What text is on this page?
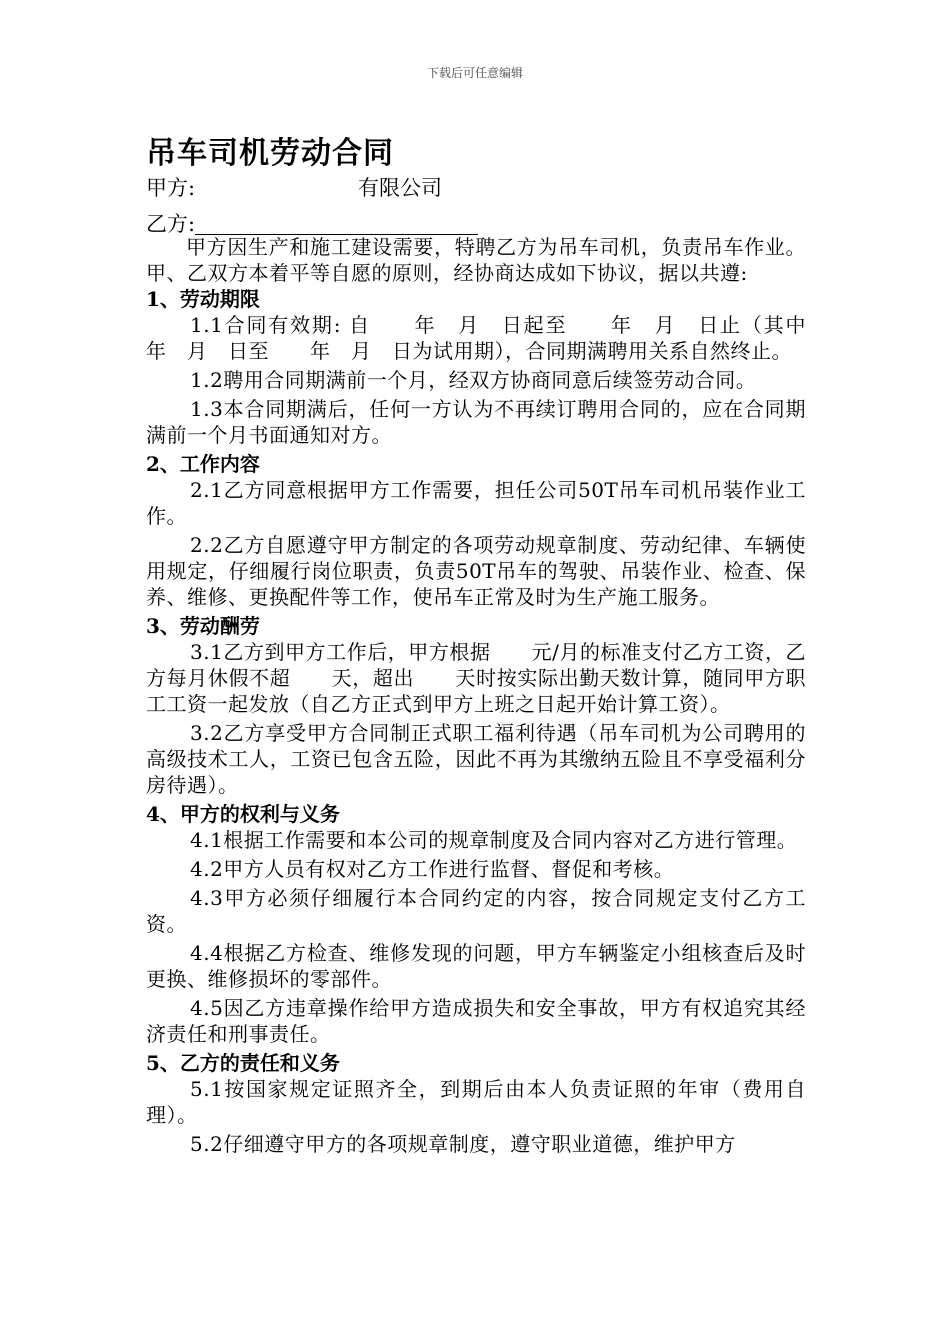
下载后可任意编辑
吊车司机劳动合同
甲方:	有限公司
乙方:

甲方因生产和施工建设需要，特聘乙方为吊车司机，负责吊车作业。甲、乙双方本着平等自愿的原则，经协商达成如下协议，据以共遵:

1、劳动期限

1.1合同有效期: 自　　年　月　日起至　　年　月　日止（其中　　年　月　日至　　年　月　日为试用期），合同期满聘用关系自然终止。

1.2聘用合同期满前一个月，经双方协商同意后续签劳动合同。

1.3本合同期满后，任何一方认为不再续订聘用合同的，应在合同期满前一个月书面通知对方。

2、工作内容

2.1乙方同意根据甲方工作需要，担任公司50T吊车司机吊装作业工作。

2.2乙方自愿遵守甲方制定的各项劳动规章制度、劳动纪律、车辆使用规定，仔细履行岗位职责，负责50T吊车的驾驶、吊装作业、检查、保养、维修、更换配件等工作，使吊车正常及时为生产施工服务。

3、劳动酬劳

3.1乙方到甲方工作后，甲方根据　　元/月的标准支付乙方工资，乙方每月休假不超　　天，超出　　天时按实际出勤天数计算，随同甲方职工工资一起发放（自乙方正式到甲方上班之日起开始计算工资）。

3.2乙方享受甲方合同制正式职工福利待遇（吊车司机为公司聘用的高级技术工人，工资已包含五险，因此不再为其缴纳五险且不享受福利分房待遇）。

4、甲方的权利与义务

4.1根据工作需要和本公司的规章制度及合同内容对乙方进行管理。

4.2甲方人员有权对乙方工作进行监督、督促和考核。

4.3甲方必须仔细履行本合同约定的内容，按合同规定支付乙方工资。

4.4根据乙方检查、维修发现的问题，甲方车辆鉴定小组核查后及时更换、维修损坏的零部件。

4.5因乙方违章操作给甲方造成损失和安全事故，甲方有权追究其经济责任和刑事责任。

5、乙方的责任和义务

5.1按国家规定证照齐全，到期后由本人负责证照的年审（费用自理）。

5.2仔细遵守甲方的各项规章制度，遵守职业道德，维护甲方
